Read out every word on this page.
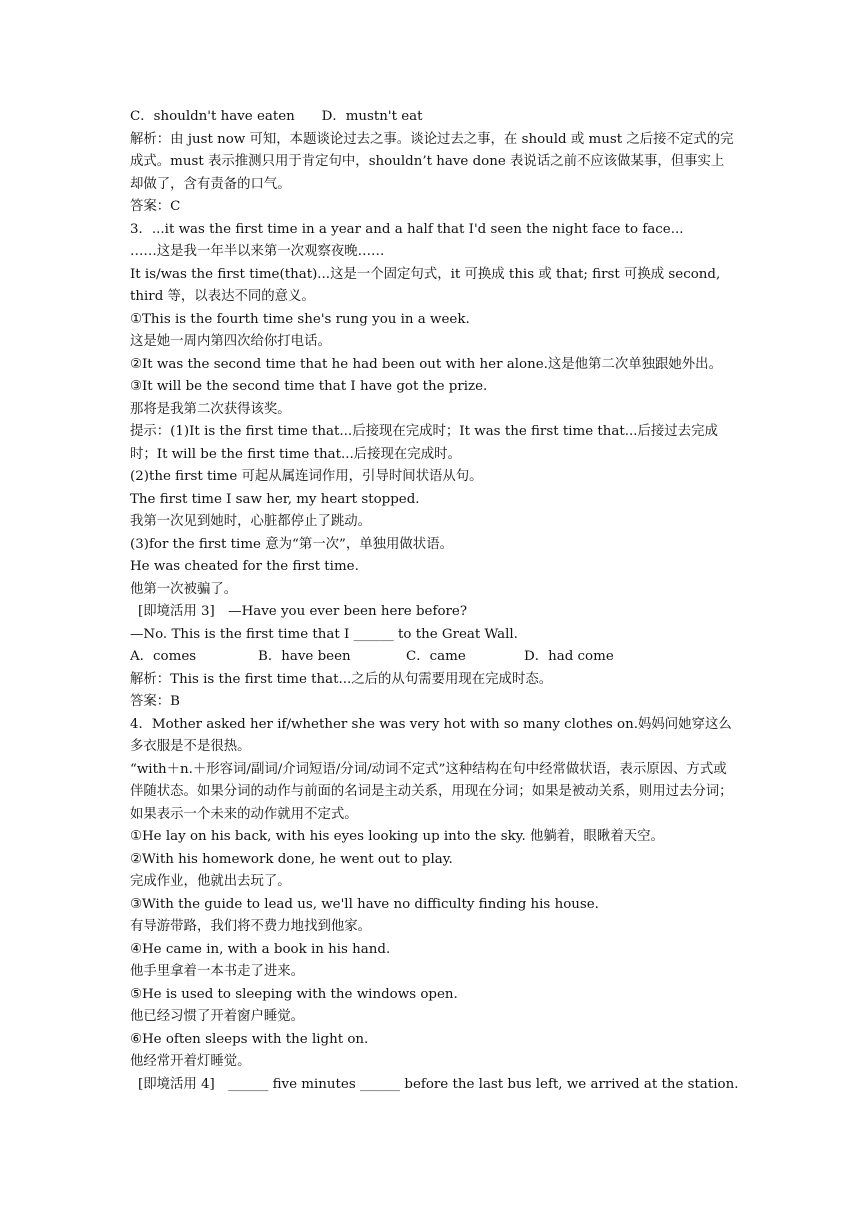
C．shouldn't have eaten　　D．mustn't eat
解析：由 just now 可知，本题谈论过去之事。谈论过去之事，在 should 或 must 之后接不定式的完成式。must 表示推测只用于肯定句中，shouldn’t have done 表说话之前不应该做某事，但事实上却做了，含有责备的口气。
答案：C
3．...it was the first time in a year and a half that I'd seen the night face to face...
……这是我一年半以来第一次观察夜晚……
It is/was the first time(that)...这是一个固定句式，it 可换成 this 或 that; first 可换成 second, third 等，以表达不同的意义。
①This is the fourth time she's rung you in a week.
这是她一周内第四次给你打电话。
②It was the second time that he had been out with her alone.这是他第二次单独跟她外出。
③It will be the second time that I have got the prize.
那将是我第二次获得该奖。
提示：(1)It is the first time that...后接现在完成时；It was the first time that...后接过去完成时；It will be the first time that...后接现在完成时。
(2)the first time 可起从属连词作用，引导时间状语从句。
The first time I saw her, my heart stopped.
我第一次见到她时，心脏都停止了跳动。
(3)for the first time 意为“第一次”，单独用做状语。
He was cheated for the first time.
他第一次被骗了。
[即境活用 3]　—Have you ever been here before?
—No. This is the first time that I ______ to the Great Wall.
A．comes	B．have been	C．came	D．had come
解析：This is the first time that...之后的从句需要用现在完成时态。
答案：B
4．Mother asked her if/whether she was very hot with so many clothes on.妈妈问她穿这么多衣服是不是很热。
“with＋n.＋形容词/副词/介词短语/分词/动词不定式”这种结构在句中经常做状语，表示原因、方式或伴随状态。如果分词的动作与前面的名词是主动关系，用现在分词；如果是被动关系，则用过去分词；如果表示一个未来的动作就用不定式。
①He lay on his back, with his eyes looking up into the sky. 他躺着，眼瞅着天空。
②With his homework done, he went out to play.
完成作业，他就出去玩了。
③With the guide to lead us, we'll have no difficulty finding his house.
有导游带路，我们将不费力地找到他家。
④He came in, with a book in his hand.
他手里拿着一本书走了进来。
⑤He is used to sleeping with the windows open.
他已经习惯了开着窗户睡觉。
⑥He often sleeps with the light on.
他经常开着灯睡觉。
[即境活用 4]　______ five minutes ______ before the last bus left, we arrived at the station.
